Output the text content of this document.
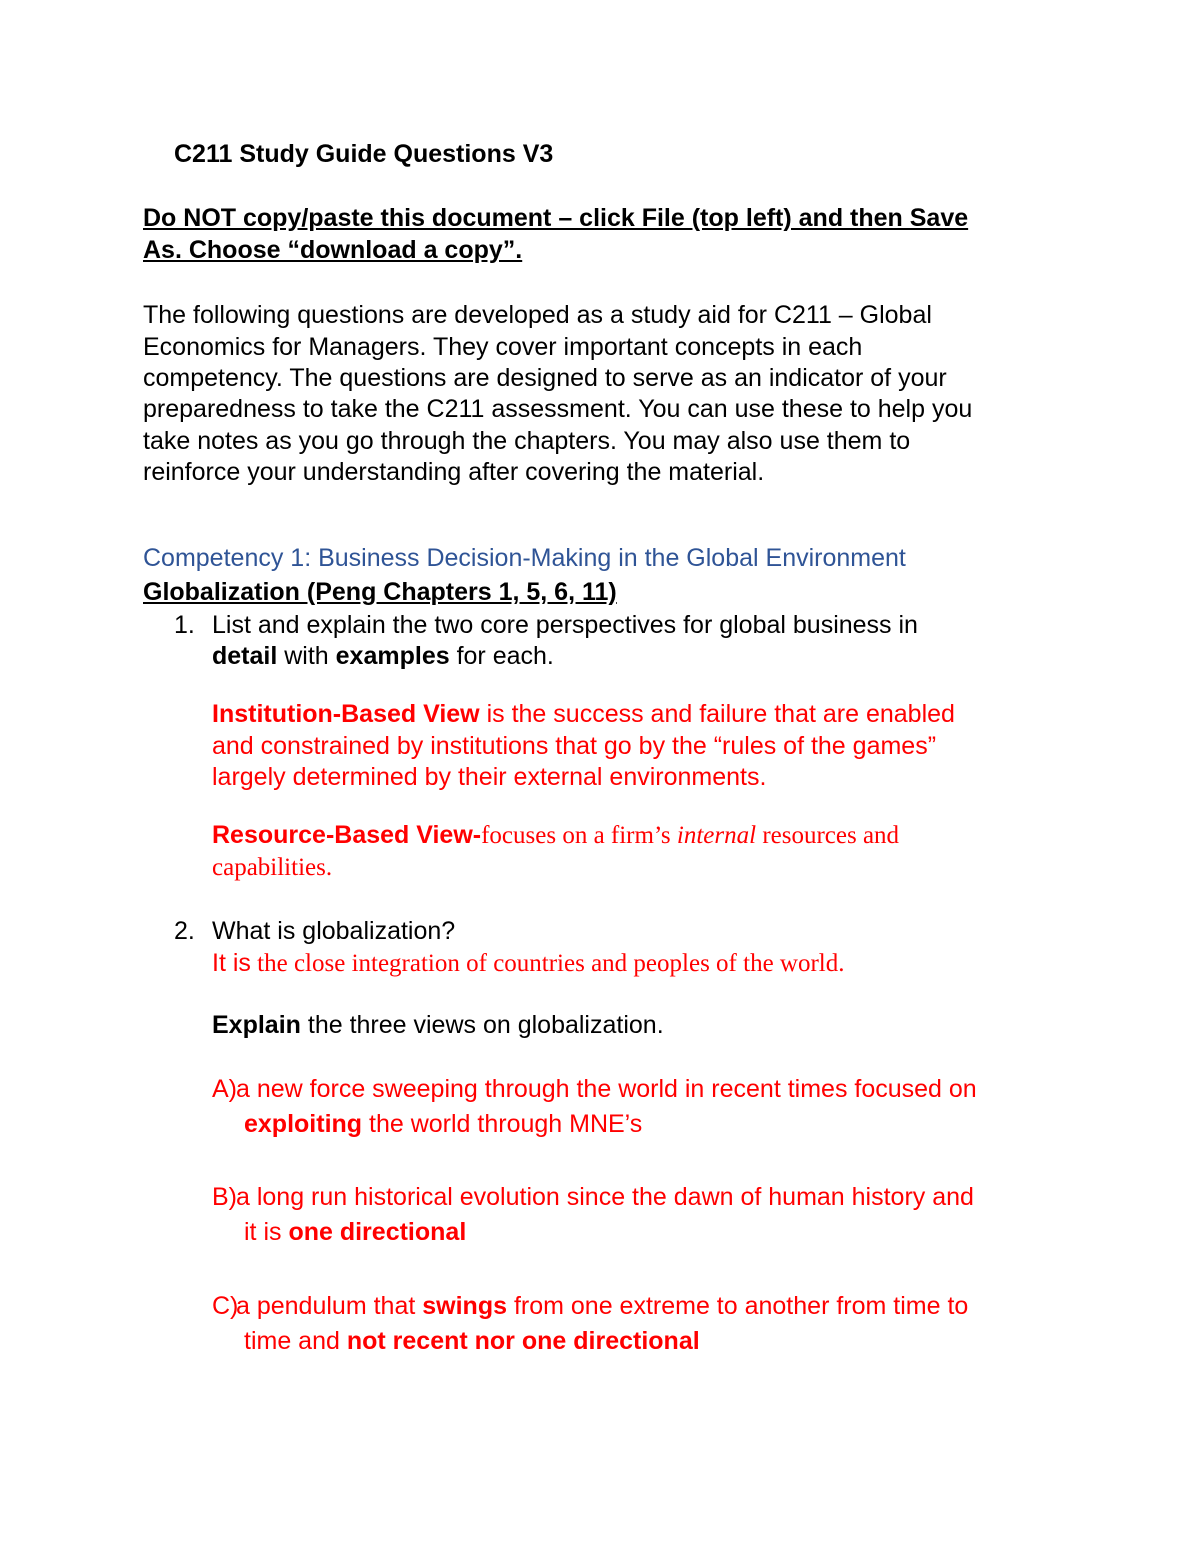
C211 Study Guide Questions V3
Do NOT copy/paste this document – click File (top left) and then Save
As. Choose “download a copy”.
The following questions are developed as a study aid for C211 – Global
Economics for Managers. They cover important concepts in each
competency. The questions are designed to serve as an indicator of your
preparedness to take the C211 assessment. You can use these to help you
take notes as you go through the chapters. You may also use them to
reinforce your understanding after covering the material.
Competency 1: Business Decision-Making in the Global Environment
Globalization (Peng Chapters 1, 5, 6, 11)
1. List and explain the two core perspectives for global business in
detail with examples for each.
Institution-Based View is the success and failure that are enabled
and constrained by institutions that go by the “rules of the games”
largely determined by their external environments.
Resource-Based View-focuses on a firm’s internal resources and
capabilities.
2. What is globalization?
It is the close integration of countries and peoples of the world.
Explain the three views on globalization.
A) a new force sweeping through the world in recent times focused on
exploiting the world through MNE’s
B) a long run historical evolution since the dawn of human history and
it is one directional
C)
a pendulum that swings from one extreme to another from time to
time and not recent nor one directional
